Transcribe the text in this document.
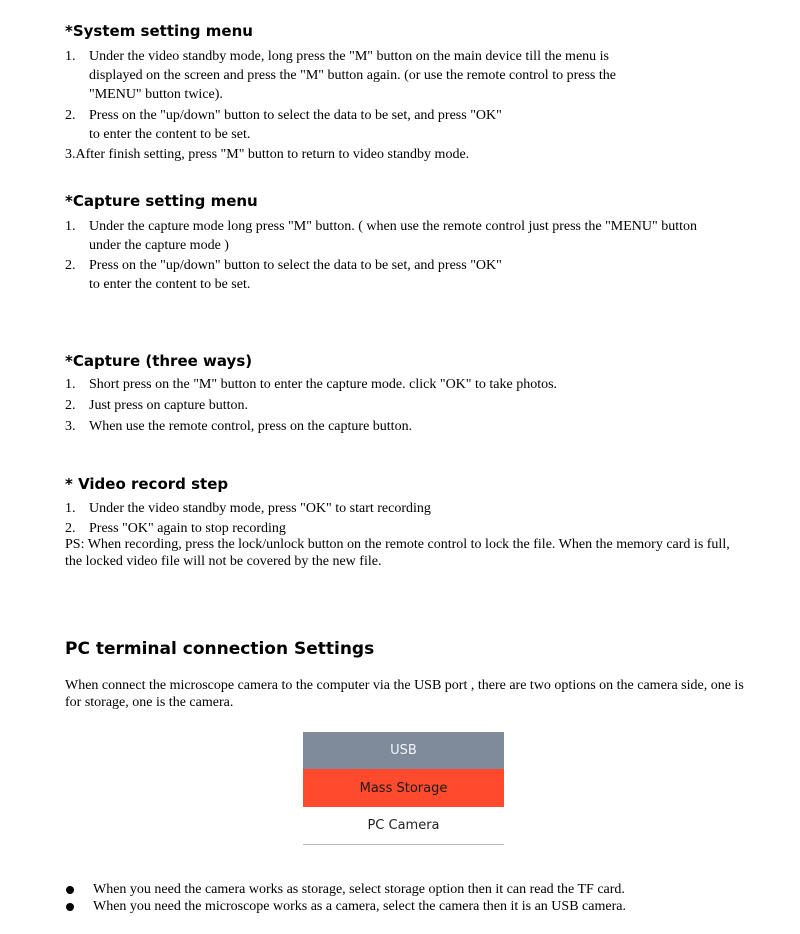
*System setting menu
1. Under the video standby mode, long press the "M" button on the main device till the menu is
displayed on the screen and press the "M" button again. (or use the remote control to press the
"MENU" button twice).
2. Press on the "up/down" button to select the data to be set, and press "OK"
to enter the content to be set.
3.After finish setting, press "M" button to return to video standby mode.
*Capture setting menu
1. Under the capture mode long press "M" button. ( when use the remote control just press the "MENU" button
under the capture mode )
2. Press on the "up/down" button to select the data to be set, and press "OK"
to enter the content to be set.
*Capture (three ways)
1. Short press on the "M" button to enter the capture mode. click "OK" to take photos.
2. Just press on capture button.
3. When use the remote control, press on the capture button.
* Video record step
1. Under the video standby mode, press "OK" to start recording
2. Press "OK" again to stop recording

PS: When recording, press the lock/unlock button on the remote control to lock the file. When the memory card is full, the locked video file will not be covered by the new file.

PC terminal connection Settings

When connect the microscope camera to the computer via the USB port , there are two options on the camera side, one is for storage, one is the camera.

USB
Mass Storage
PC Camera
When you need the camera works as storage, select storage option then it can read the TF card.
When you need the microscope works as a camera, select the camera then it is an USB camera.
